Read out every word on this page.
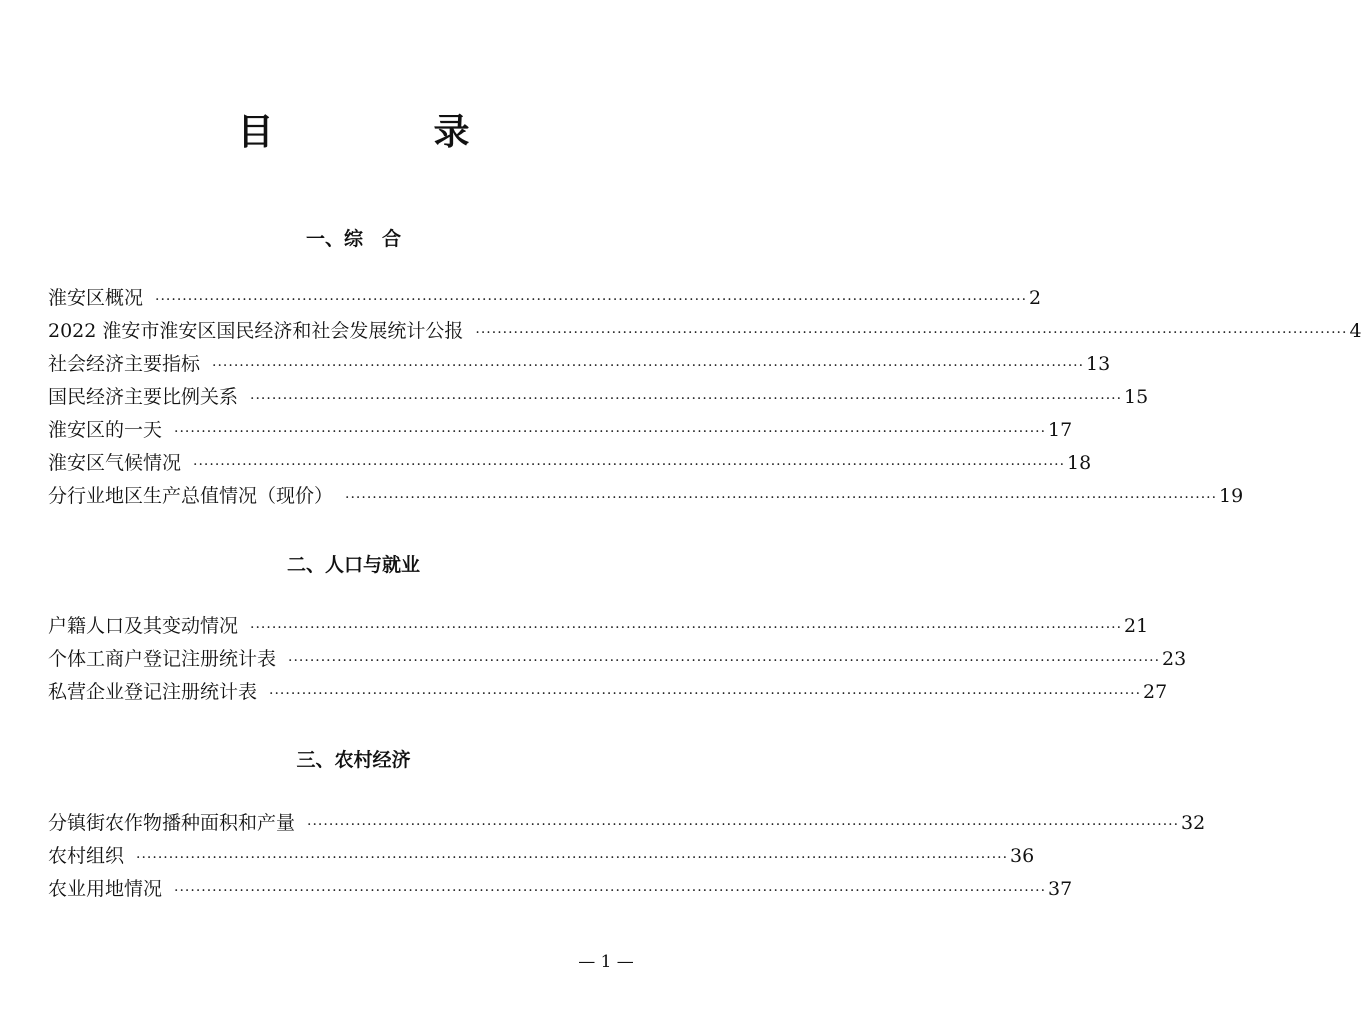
目　录
一、综　合
淮安区概况 ································································································································································ 2
2022 淮安市淮安区国民经济和社会发展统计公报 ································································································································································ 4
社会经济主要指标 ································································································································································ 13
国民经济主要比例关系 ································································································································································ 15
淮安区的一天 ································································································································································ 17
淮安区气候情况 ································································································································································ 18
分行业地区生产总值情况（现价） ································································································································································ 19
二、人口与就业
户籍人口及其变动情况 ································································································································································ 21
个体工商户登记注册统计表 ································································································································································ 23
私营企业登记注册统计表 ································································································································································ 27
三、农村经济
分镇街农作物播种面积和产量 ································································································································································ 32
农村组织 ································································································································································ 36
农业用地情况 ································································································································································ 37
— 1 —
